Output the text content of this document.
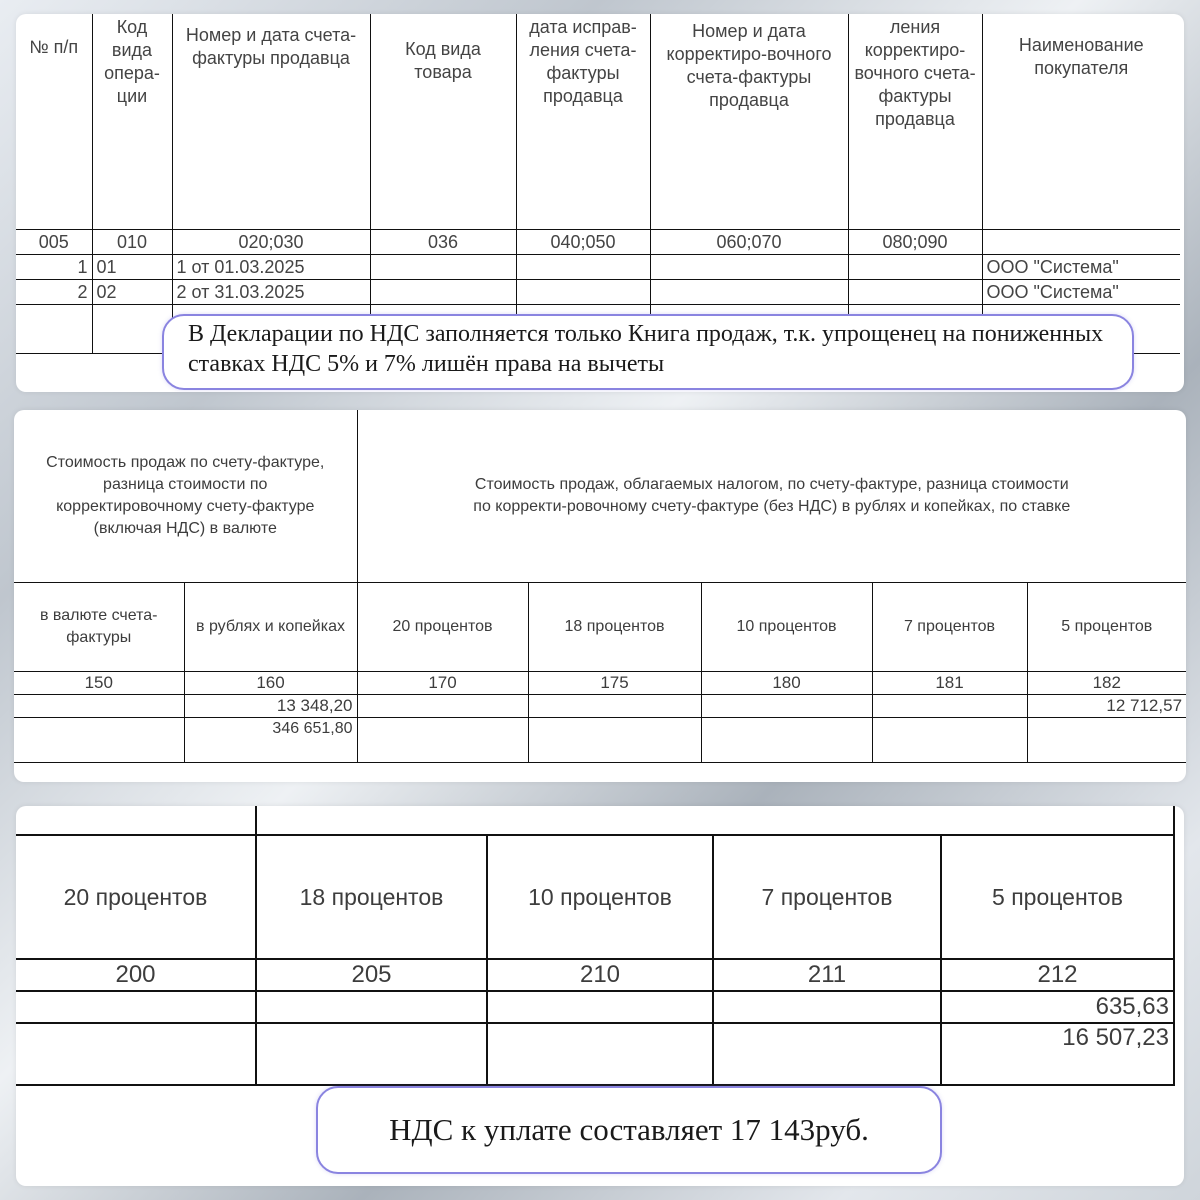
№ п/п	Код вида опера-ции	Номер и дата счета-фактуры продавца	Код вида товара	дата исправ-ления счета-фактуры продавца	Номер и дата корректиро-вочного счета-фактуры продавца	ления корректиро-вочного счета-фактуры продавца	Наименование покупателя
005	010	020;030	036	040;050	060;070	080;090	
1	01	1 от 01.03.2025					ООО "Система"
2	02	2 от 31.03.2025					ООО "Система"

В Декларации по НДС заполняется только Книга продаж, т.к. упрощенец на пониженных ставках НДС 5% и 7% лишён права на вычеты
Стоимость продаж по счету-фактуре, разница стоимости по корректировочному счету-фактуре (включая НДС) в валюте		Стоимость продаж, облагаемых налогом, по счету-фактуре, разница стоимости по корректи-ровочному счету-фактуре (без НДС) в рублях и копейках, по ставке				
в валюте счета-фактуры	в рублях и копейках	20 процентов	18 процентов	10 процентов	7 процентов	5 процентов
150	160	170	175	180	181	182
	13 348,20					12 712,57
	346 651,80					

20 процентов	18 процентов	10 процентов	7 процентов	5 процентов
200	205	210	211	212
				635,63
				16 507,23
НДС к уплате составляет 17 143руб.
